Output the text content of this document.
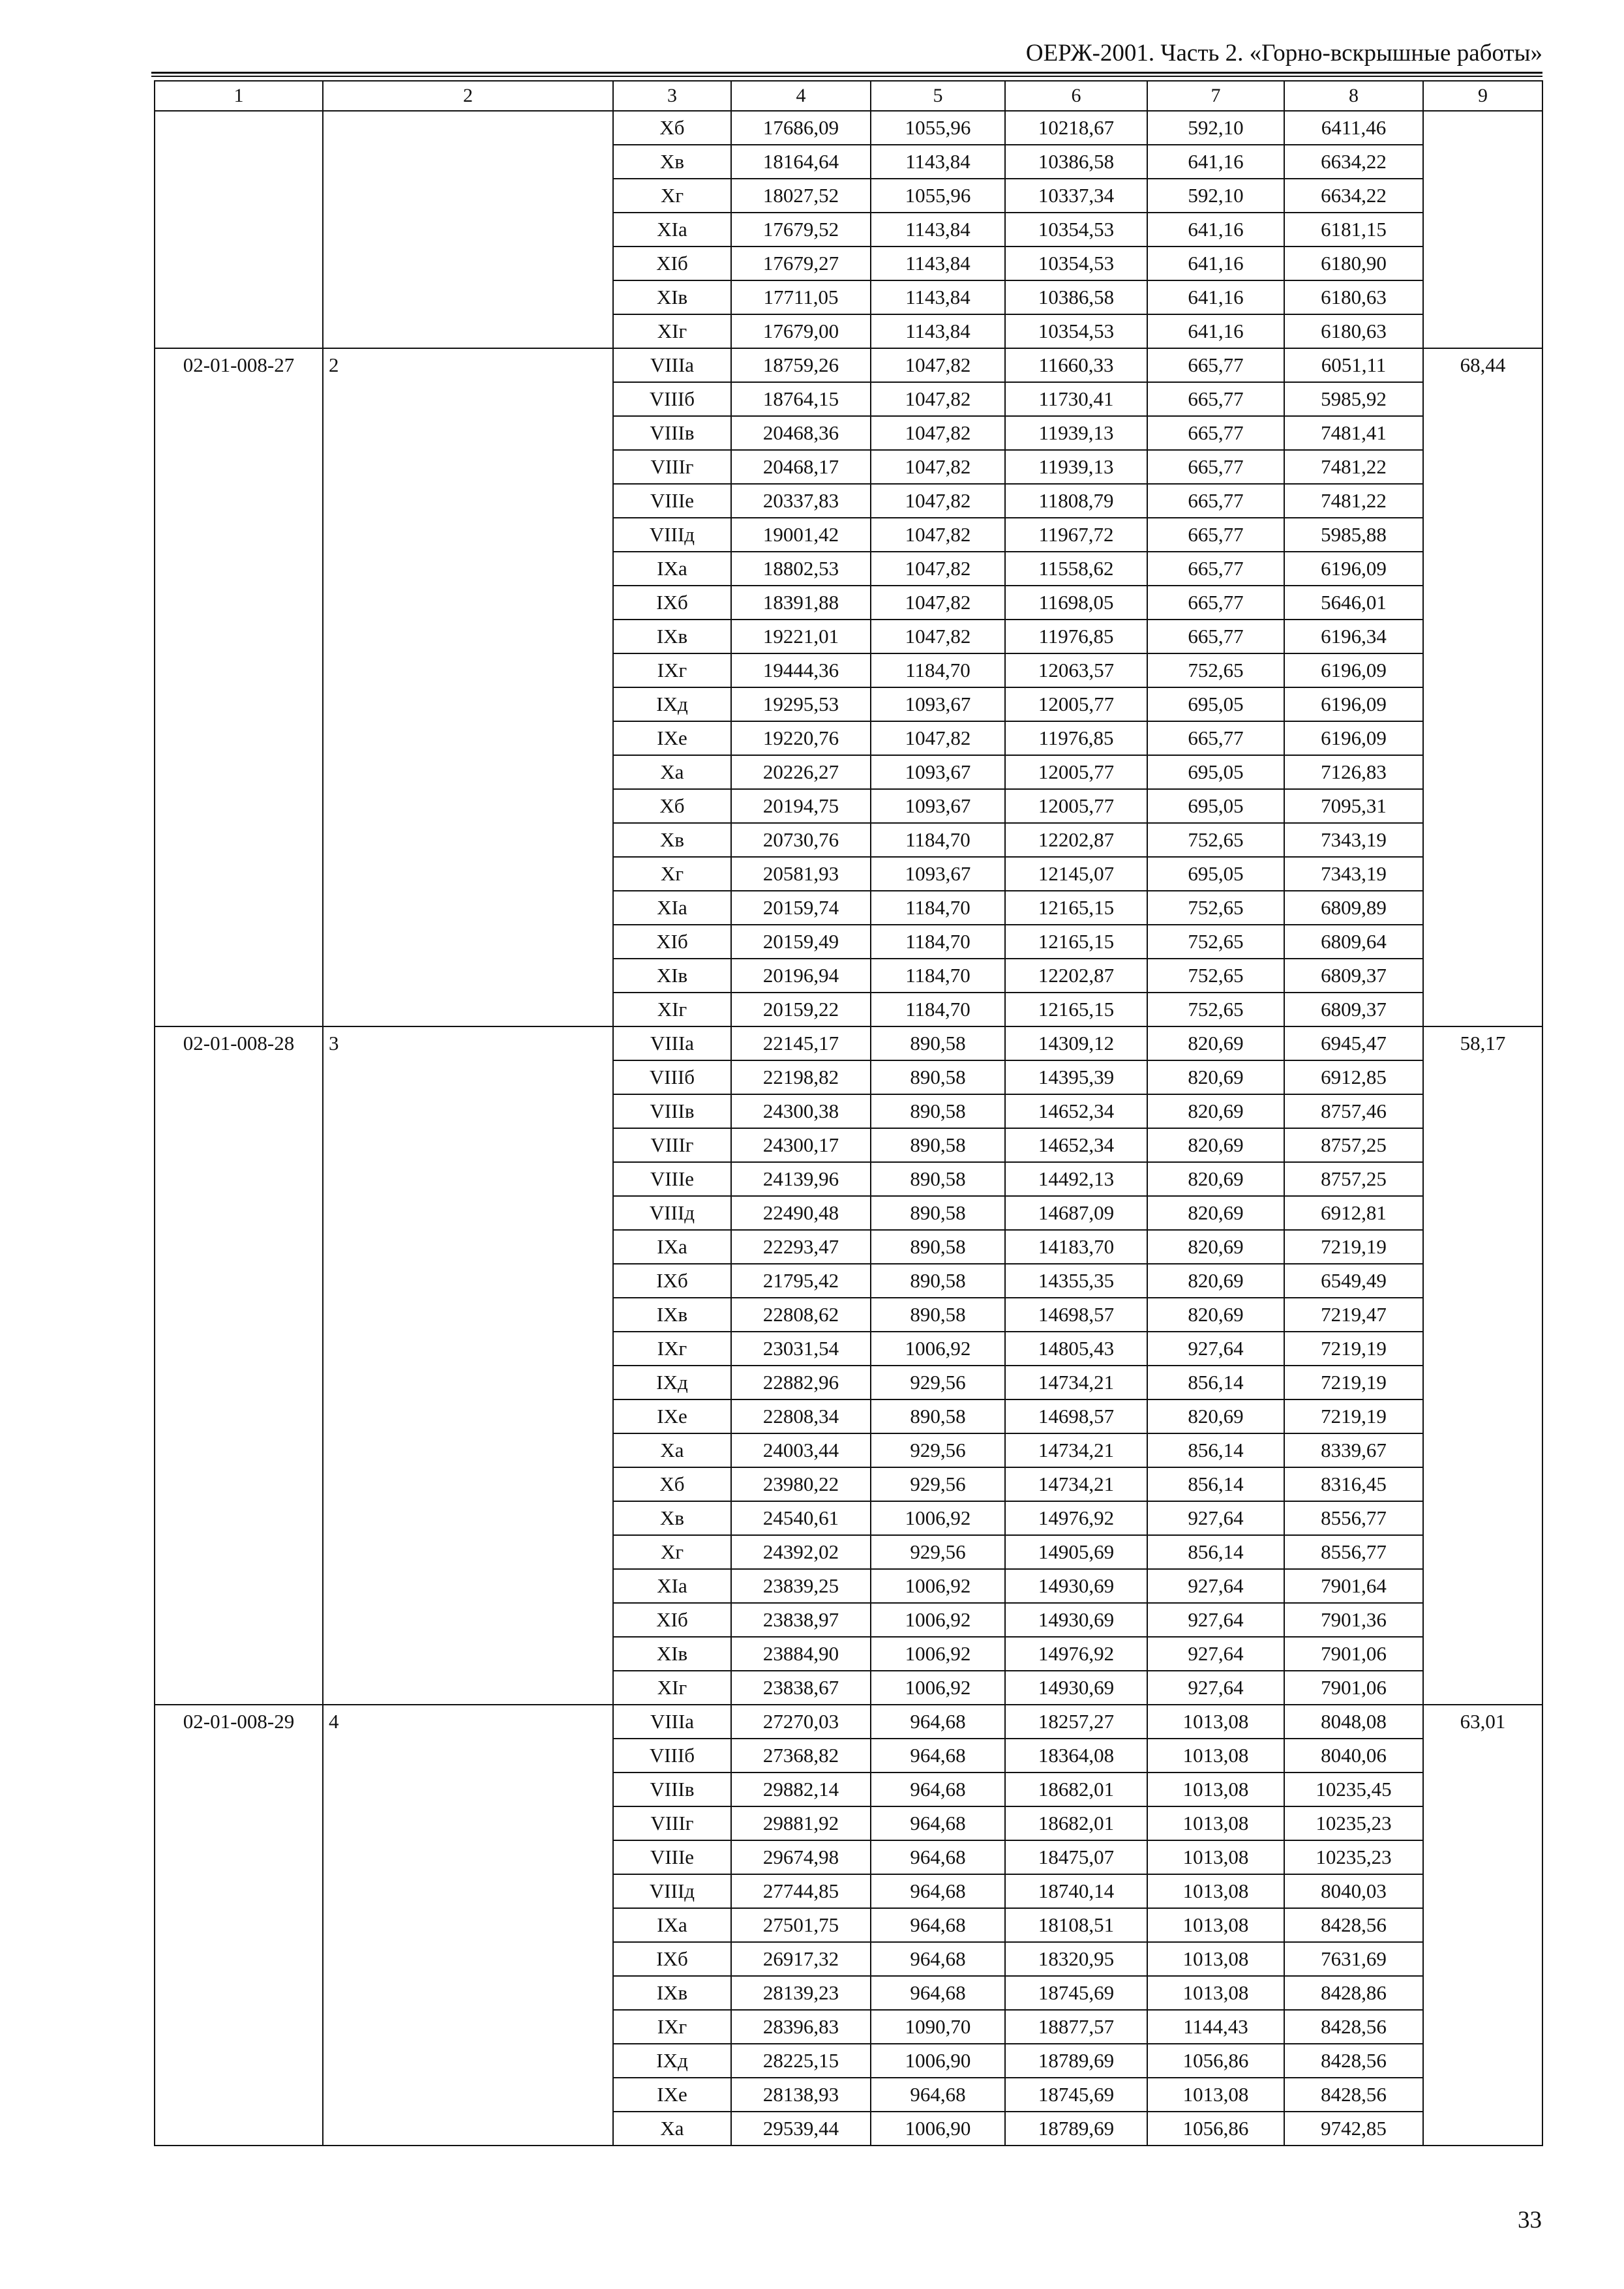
ОЕРЖ-2001. Часть 2. «Горно-вскрышные работы»
1	2	3	4	5	6	7	8	9
		Xб	17686,09	1055,96	10218,67	592,10	6411,46	
		Xв	18164,64	1143,84	10386,58	641,16	6634,22	
		Xг	18027,52	1055,96	10337,34	592,10	6634,22	
		XIа	17679,52	1143,84	10354,53	641,16	6181,15	
		XIб	17679,27	1143,84	10354,53	641,16	6180,90	
		XIв	17711,05	1143,84	10386,58	641,16	6180,63	
		XIг	17679,00	1143,84	10354,53	641,16	6180,63	
02-01-008-27	2	VIIIа	18759,26	1047,82	11660,33	665,77	6051,11	68,44
		VIIIб	18764,15	1047,82	11730,41	665,77	5985,92	
		VIIIв	20468,36	1047,82	11939,13	665,77	7481,41	
		VIIIг	20468,17	1047,82	11939,13	665,77	7481,22	
		VIIIе	20337,83	1047,82	11808,79	665,77	7481,22	
		VIIIд	19001,42	1047,82	11967,72	665,77	5985,88	
		IXа	18802,53	1047,82	11558,62	665,77	6196,09	
		IXб	18391,88	1047,82	11698,05	665,77	5646,01	
		IXв	19221,01	1047,82	11976,85	665,77	6196,34	
		IXг	19444,36	1184,70	12063,57	752,65	6196,09	
		IXд	19295,53	1093,67	12005,77	695,05	6196,09	
		IXе	19220,76	1047,82	11976,85	665,77	6196,09	
		Xа	20226,27	1093,67	12005,77	695,05	7126,83	
		Xб	20194,75	1093,67	12005,77	695,05	7095,31	
		Xв	20730,76	1184,70	12202,87	752,65	7343,19	
		Xг	20581,93	1093,67	12145,07	695,05	7343,19	
		XIа	20159,74	1184,70	12165,15	752,65	6809,89	
		XIб	20159,49	1184,70	12165,15	752,65	6809,64	
		XIв	20196,94	1184,70	12202,87	752,65	6809,37	
		XIг	20159,22	1184,70	12165,15	752,65	6809,37	
02-01-008-28	3	VIIIа	22145,17	890,58	14309,12	820,69	6945,47	58,17
		VIIIб	22198,82	890,58	14395,39	820,69	6912,85	
		VIIIв	24300,38	890,58	14652,34	820,69	8757,46	
		VIIIг	24300,17	890,58	14652,34	820,69	8757,25	
		VIIIе	24139,96	890,58	14492,13	820,69	8757,25	
		VIIIд	22490,48	890,58	14687,09	820,69	6912,81	
		IXа	22293,47	890,58	14183,70	820,69	7219,19	
		IXб	21795,42	890,58	14355,35	820,69	6549,49	
		IXв	22808,62	890,58	14698,57	820,69	7219,47	
		IXг	23031,54	1006,92	14805,43	927,64	7219,19	
		IXд	22882,96	929,56	14734,21	856,14	7219,19	
		IXе	22808,34	890,58	14698,57	820,69	7219,19	
		Xа	24003,44	929,56	14734,21	856,14	8339,67	
		Xб	23980,22	929,56	14734,21	856,14	8316,45	
		Xв	24540,61	1006,92	14976,92	927,64	8556,77	
		Xг	24392,02	929,56	14905,69	856,14	8556,77	
		XIа	23839,25	1006,92	14930,69	927,64	7901,64	
		XIб	23838,97	1006,92	14930,69	927,64	7901,36	
		XIв	23884,90	1006,92	14976,92	927,64	7901,06	
		XIг	23838,67	1006,92	14930,69	927,64	7901,06	
02-01-008-29	4	VIIIа	27270,03	964,68	18257,27	1013,08	8048,08	63,01
		VIIIб	27368,82	964,68	18364,08	1013,08	8040,06	
		VIIIв	29882,14	964,68	18682,01	1013,08	10235,45	
		VIIIг	29881,92	964,68	18682,01	1013,08	10235,23	
		VIIIе	29674,98	964,68	18475,07	1013,08	10235,23	
		VIIIд	27744,85	964,68	18740,14	1013,08	8040,03	
		IXа	27501,75	964,68	18108,51	1013,08	8428,56	
		IXб	26917,32	964,68	18320,95	1013,08	7631,69	
		IXв	28139,23	964,68	18745,69	1013,08	8428,86	
		IXг	28396,83	1090,70	18877,57	1144,43	8428,56	
		IXд	28225,15	1006,90	18789,69	1056,86	8428,56	
		IXе	28138,93	964,68	18745,69	1013,08	8428,56	
		Xа	29539,44	1006,90	18789,69	1056,86	9742,85	
33
